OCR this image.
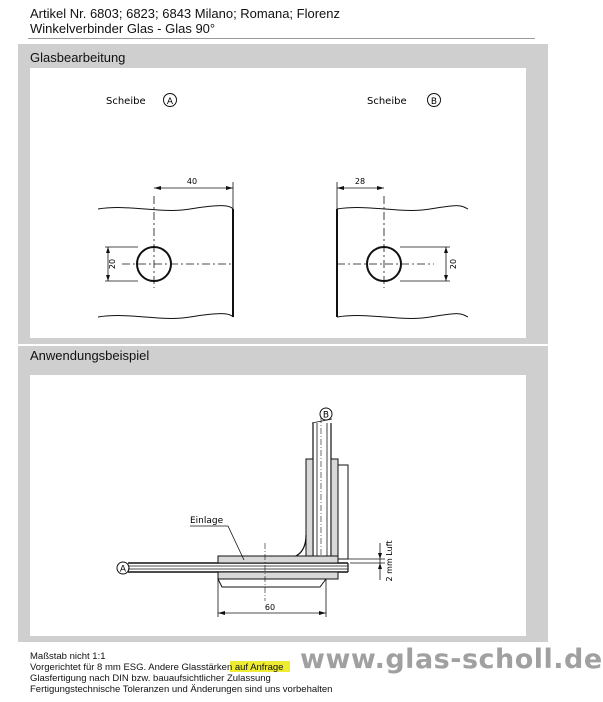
Artikel Nr. 6803; 6823; 6843 Milano; Romana; Florenz
Winkelverbinder Glas - Glas 90°
Glasbearbeitung
Scheibe A
40
20
Scheibe	B
28
20
Anwendungsbeispiel
Einlage
A
B
2 mm Luft
60
Maßstab nicht 1:1
Vorgerichtet für 8 mm ESG. Andere Glasstärken auf Anfrage
Glasfertigung nach DIN bzw. bauaufsichtlicher Zulassung
Fertigungstechnische Toleranzen und Änderungen sind uns vorbehalten
www.glas-scholl.de
